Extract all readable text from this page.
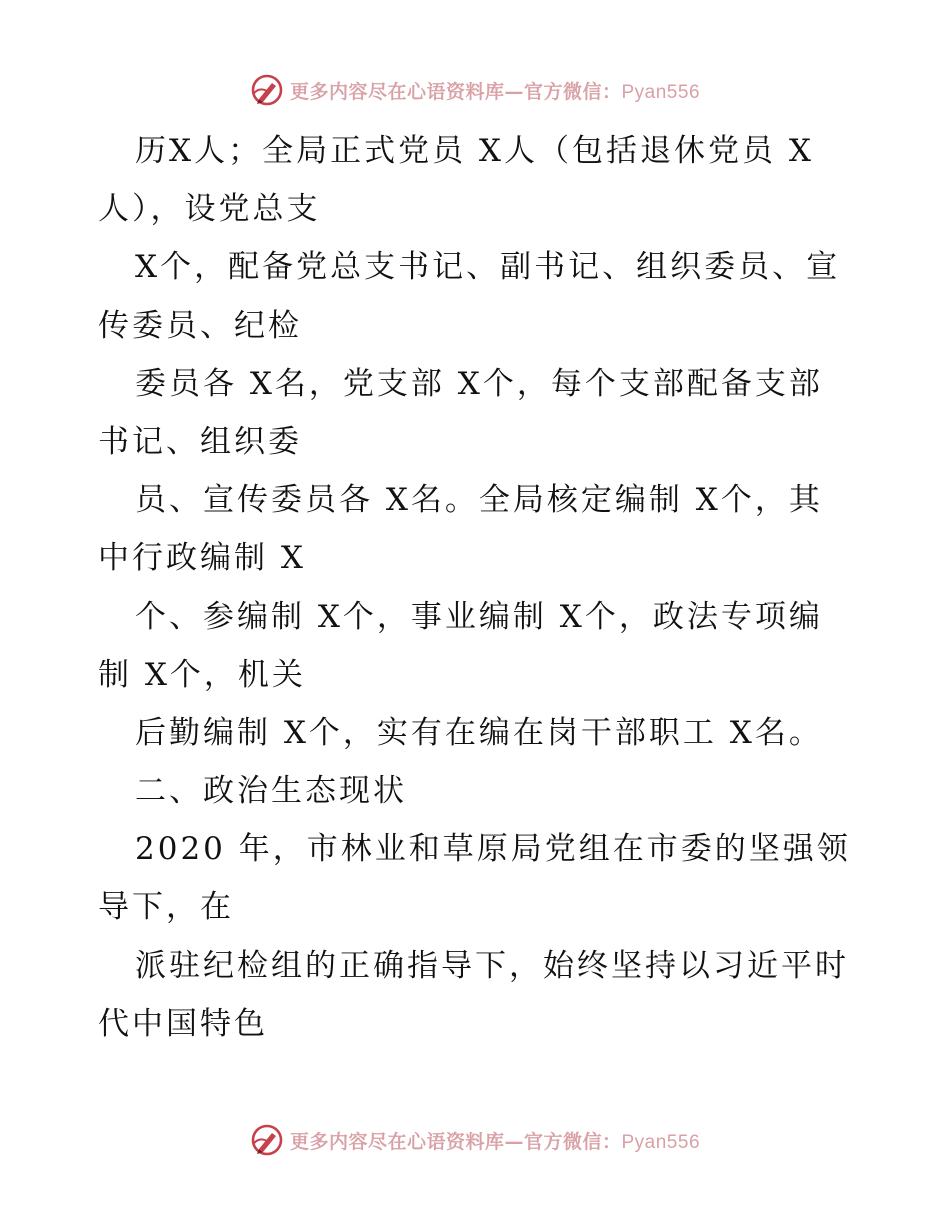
更多内容尽在心语资料库—官方微信：Pyan556
历X人；全局正式党员 X人（包括退休党员 X
人），设党总支
X个，配备党总支书记、副书记、组织委员、宣
传委员、纪检
委员各 X名，党支部 X个，每个支部配备支部
书记、组织委
员、宣传委员各 X名。全局核定编制 X个，其
中行政编制 X
个、参编制 X个，事业编制 X个，政法专项编
制 X个，机关
后勤编制 X个，实有在编在岗干部职工 X名。
二、政治生态现状
2020 年，市林业和草原局党组在市委的坚强领
导下，在
派驻纪检组的正确指导下，始终坚持以习近平时
代中国特色
更多内容尽在心语资料库—官方微信：Pyan556
